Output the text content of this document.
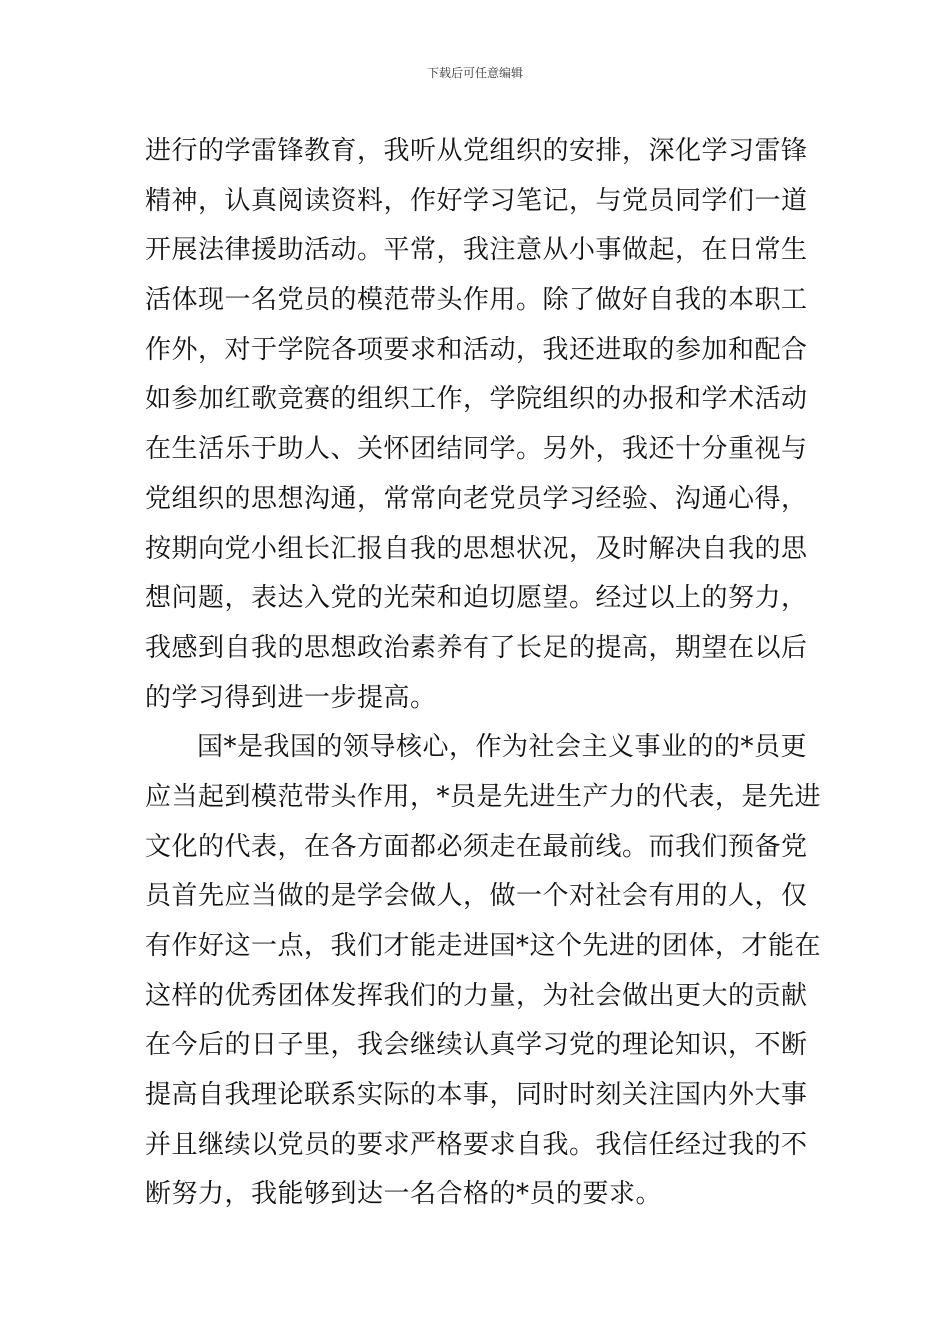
下载后可任意编辑
进行的学雷锋教育，我听从党组织的安排，深化学习雷锋
精神，认真阅读资料，作好学习笔记，与党员同学们一道
开展法律援助活动。平常，我注意从小事做起，在日常生
活体现一名党员的模范带头作用。除了做好自我的本职工
作外，对于学院各项要求和活动，我还进取的参加和配合
如参加红歌竞赛的组织工作，学院组织的办报和学术活动
在生活乐于助人、关怀团结同学。另外，我还十分重视与
党组织的思想沟通，常常向老党员学习经验、沟通心得，
按期向党小组长汇报自我的思想状况，及时解决自我的思
想问题，表达入党的光荣和迫切愿望。经过以上的努力，
我感到自我的思想政治素养有了长足的提高，期望在以后
的学习得到进一步提高。
国*是我国的领导核心，作为社会主义事业的的*员更
应当起到模范带头作用，*员是先进生产力的代表，是先进
文化的代表，在各方面都必须走在最前线。而我们预备党
员首先应当做的是学会做人，做一个对社会有用的人，仅
有作好这一点，我们才能走进国*这个先进的团体，才能在
这样的优秀团体发挥我们的力量，为社会做出更大的贡献
在今后的日子里，我会继续认真学习党的理论知识，不断
提高自我理论联系实际的本事，同时时刻关注国内外大事
并且继续以党员的要求严格要求自我。我信任经过我的不
断努力，我能够到达一名合格的*员的要求。
